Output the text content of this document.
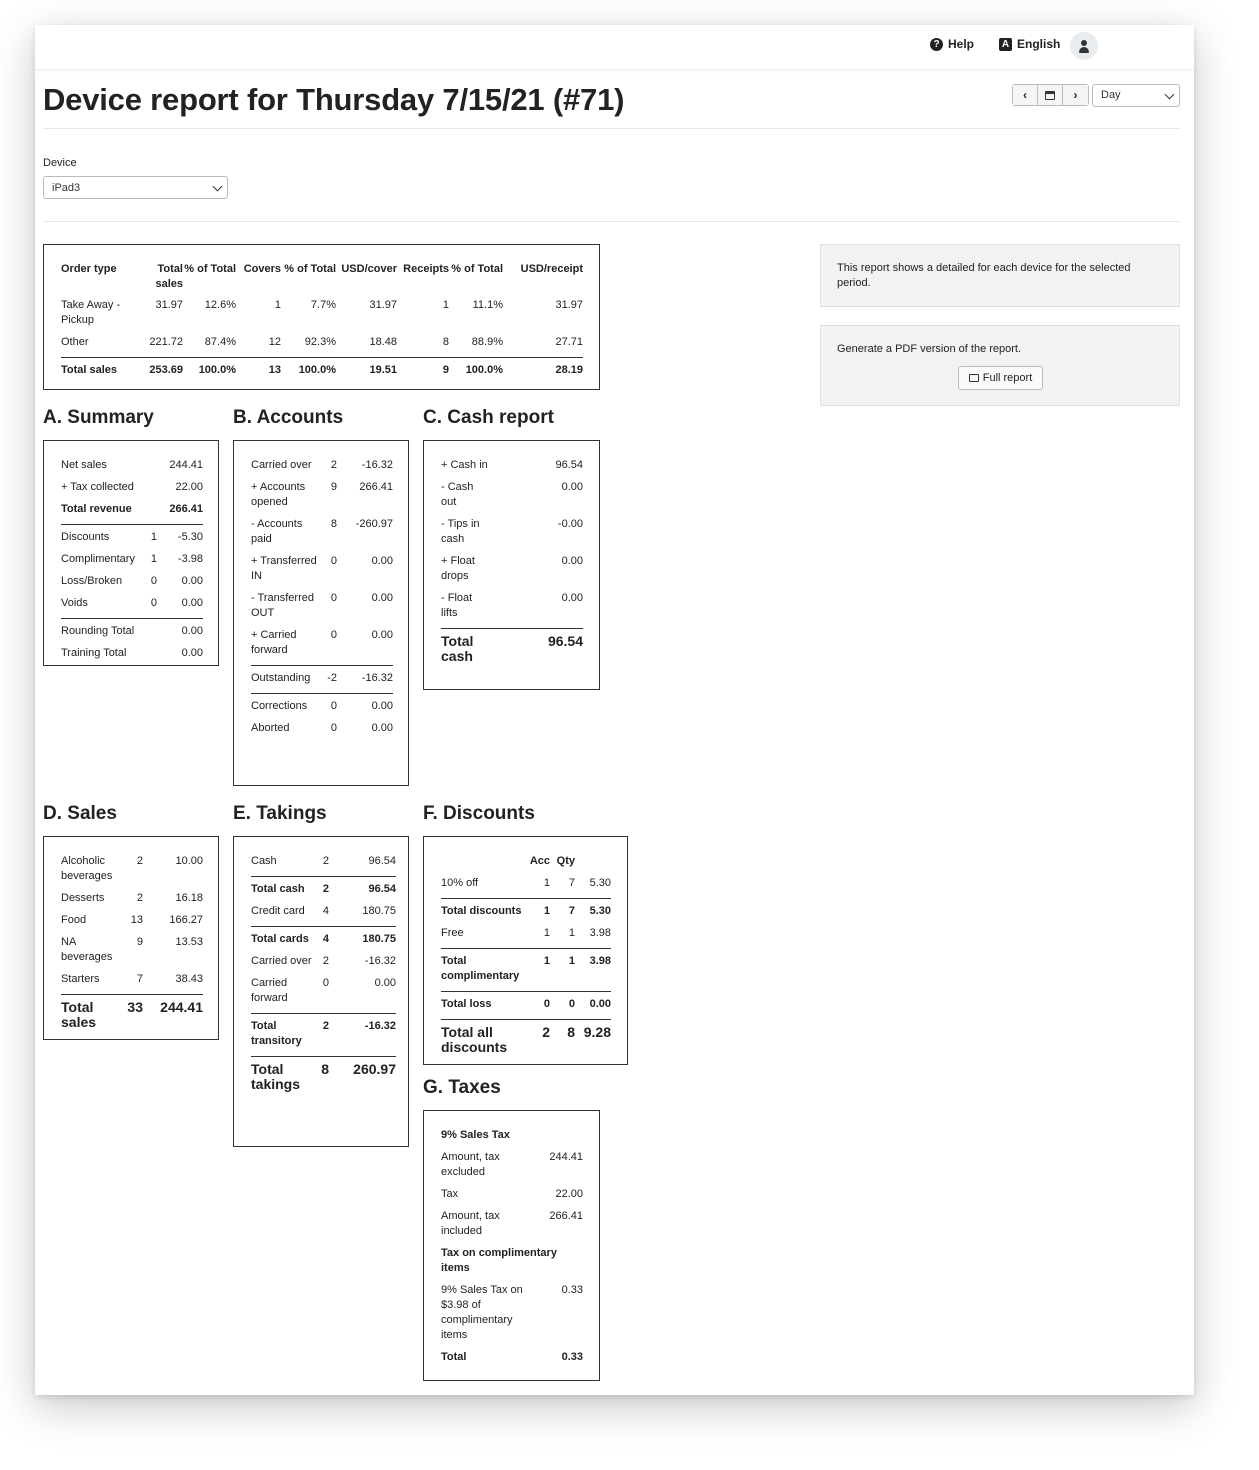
? Help	A English
Device report for Thursday 7/15/21 (#71)	‹	›	Day
Device
iPad3
Order type	Total sales	% of Total	Covers	% of Total	USD/cover	Receipts	% of Total	USD/receipt
Take Away - Pickup	31.97	12.6%	1	7.7%	31.97	1	11.1%	31.97
Other	221.72	87.4%	12	92.3%	18.48	8	88.9%	27.71
Total sales	253.69	100.0%	13	100.0%	19.51	9	100.0%	28.19
This report shows a detailed for each device for the selected period.
Generate a PDF version of the report.
Full report
A. Summary
Net sales		244.41
+ Tax collected		22.00
Total revenue		266.41
Discounts	1	-5.30
Complimentary	1	-3.98
Loss/Broken	0	0.00
Voids	0	0.00
Rounding Total		0.00
Training Total		0.00
B. Accounts
Carried over	2	-16.32
+ Accounts opened	9	266.41
- Accounts paid	8	-260.97
+ Transferred IN	0	0.00
- Transferred OUT	0	0.00
+ Carried forward	0	0.00
Outstanding	-2	-16.32
Corrections	0	0.00
Aborted	0	0.00
C. Cash report
+ Cash in	96.54
- Cash out	0.00
- Tips in cash	-0.00
+ Float drops	0.00
- Float lifts	0.00
Total cash	96.54
D. Sales
Alcoholic beverages	2	10.00
Desserts	2	16.18
Food	13	166.27
NA beverages	9	13.53
Starters	7	38.43
Total sales	33	244.41
E. Takings
Cash	2	96.54
Total cash	2	96.54
Credit card	4	180.75
Total cards	4	180.75
Carried over	2	-16.32
Carried forward	0	0.00
Total transitory	2	-16.32
Total takings	8	260.97
F. Discounts
	Acc	Qty	
10% off	1	7	5.30
Total discounts	1	7	5.30
Free	1	1	3.98
Total complimentary	1	1	3.98
Total loss	0	0	0.00
Total all discounts	2	8	9.28
G. Taxes
9% Sales Tax	
Amount, tax excluded	244.41
Tax	22.00
Amount, tax included	266.41
Tax on complimentary items	
9% Sales Tax on $3.98 of complimentary items	0.33
Total	0.33
